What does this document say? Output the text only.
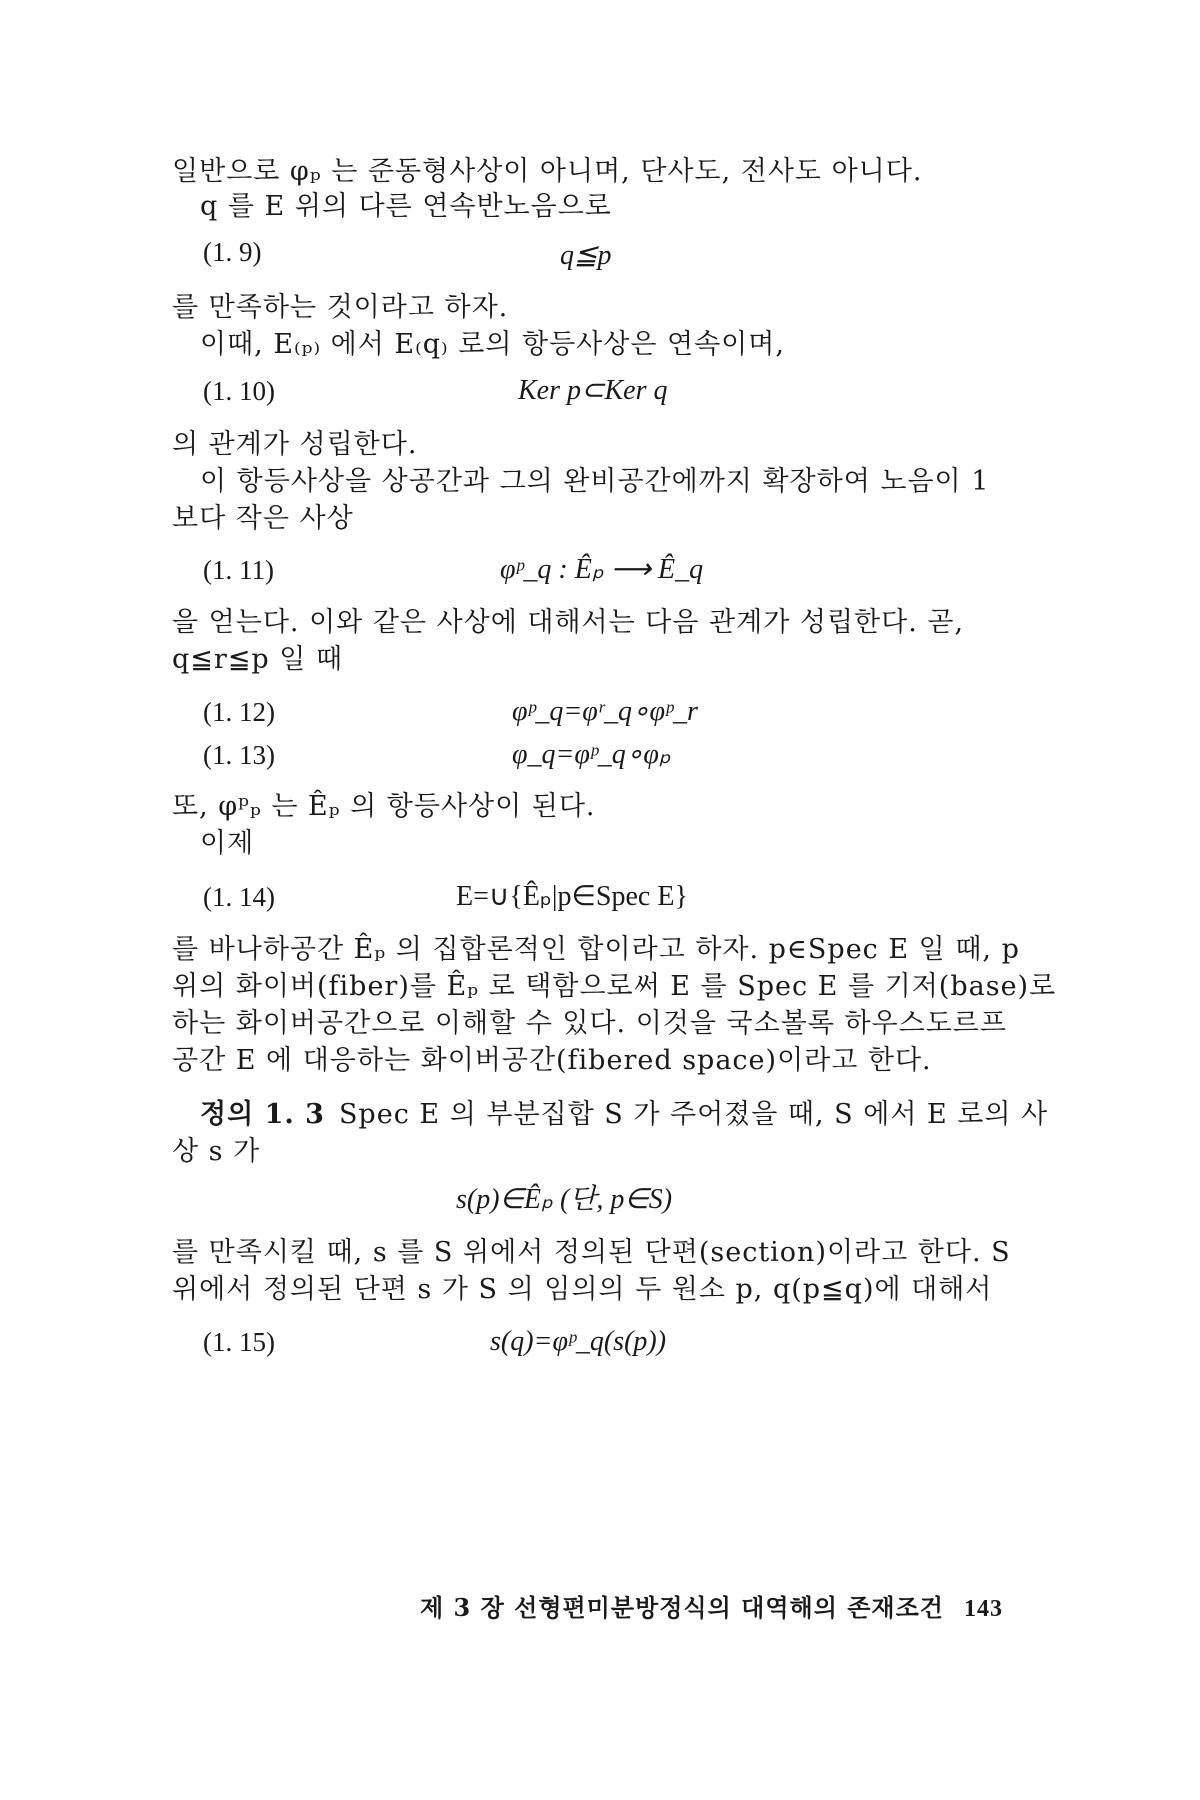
일반으로 φₚ 는 준동형사상이 아니며, 단사도, 전사도 아니다.
q 를 E 위의 다른 연속반노음으로
(1. 9)	q≦p
를 만족하는 것이라고 하자.
이때, E₍ₚ₎ 에서 E₍q₎ 로의 항등사상은 연속이며,
(1. 10)	Ker p⊂Ker q
의 관계가 성립한다.
이 항등사상을 상공간과 그의 완비공간에까지 확장하여 노음이 1
보다 작은 사상
(1. 11)	φᵖ_q : Êₚ ⟶ Ê_q
을 얻는다. 이와 같은 사상에 대해서는 다음 관계가 성립한다. 곧,
q≦r≦p 일 때
(1. 12)	φᵖ_q=φʳ_q∘φᵖ_r
(1. 13)	φ_q=φᵖ_q∘φₚ
또, φᵖₚ 는 Êₚ 의 항등사상이 된다.
이제
(1. 14)	E=∪{Êₚ|p∈Spec E}
를 바나하공간 Êₚ 의 집합론적인 합이라고 하자. p∈Spec E 일 때, p
위의 화이버(fiber)를 Êₚ 로 택함으로써 E 를 Spec E 를 기저(base)로
하는 화이버공간으로 이해할 수 있다. 이것을 국소볼록 하우스도르프
공간 E 에 대응하는 화이버공간(fibered space)이라고 한다.
정의 1. 3 Spec E 의 부분집합 S 가 주어졌을 때, S 에서 E 로의 사
상 s 가
s(p)∈Êₚ (단, p∈S)
를 만족시킬 때, s 를 S 위에서 정의된 단편(section)이라고 한다. S
위에서 정의된 단편 s 가 S 의 임의의 두 원소 p, q(p≦q)에 대해서
(1. 15)	s(q)=φᵖ_q(s(p))
제 3 장 선형편미분방정식의 대역해의 존재조건 143
